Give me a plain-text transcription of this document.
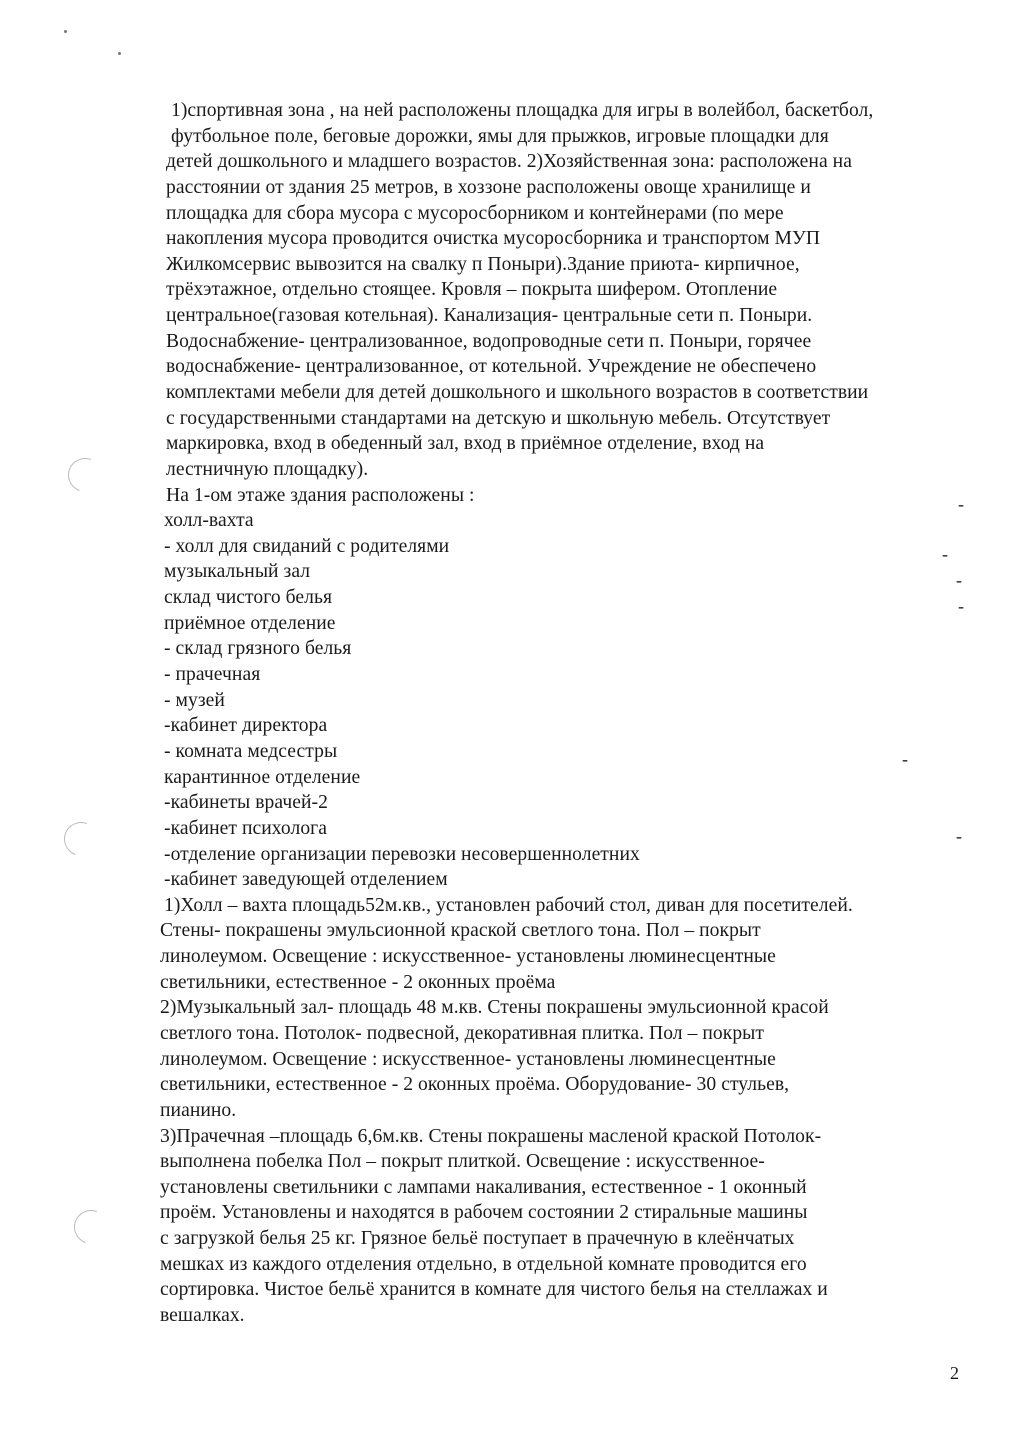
1)спортивная зона , на ней расположены площадка для игры в волейбол, баскетбол,
футбольное поле, беговые дорожки, ямы для прыжков, игровые площадки для
детей дошкольного и младшего возрастов. 2)Хозяйственная зона: расположена на
расстоянии от здания 25 метров, в хоззоне расположены овоще хранилище и
площадка для сбора мусора с мусоросборником и контейнерами (по мере
накопления мусора проводится очистка мусоросборника и транспортом МУП
Жилкомсервис вывозится на свалку п Поныри).Здание приюта- кирпичное,
трёхэтажное, отдельно стоящее. Кровля – покрыта шифером. Отопление
центральное(газовая котельная). Канализация- центральные сети п. Поныри.
Водоснабжение- централизованное, водопроводные сети п. Поныри, горячее
водоснабжение- централизованное, от котельной. Учреждение не обеспечено
комплектами мебели для детей дошкольного и школьного возрастов в соответствии
с государственными стандартами на детскую и школьную мебель. Отсутствует
маркировка, вход в обеденный зал, вход в приёмное отделение, вход на
лестничную площадку).
На 1-ом этаже здания расположены :
холл-вахта
- холл для свиданий с родителями
музыкальный зал
склад чистого белья
приёмное отделение
- склад грязного белья
- прачечная
- музей
-кабинет директора
- комната медсестры
карантинное отделение
-кабинеты врачей-2
-кабинет психолога
-отделение организации перевозки несовершеннолетних
-кабинет заведующей отделением
1)Холл – вахта площадь52м.кв., установлен рабочий стол, диван для посетителей.
Стены- покрашены эмульсионной краской светлого тона. Пол – покрыт
линолеумом. Освещение : искусственное- установлены люминесцентные
светильники, естественное - 2 оконных проёма
2)Музыкальный зал- площадь 48 м.кв. Стены покрашены эмульсионной красой
светлого тона. Потолок- подвесной, декоративная плитка. Пол – покрыт
линолеумом. Освещение : искусственное- установлены люминесцентные
светильники, естественное - 2 оконных проёма. Оборудование- 30 стульев,
пианино.
3)Прачечная –площадь 6,6м.кв. Стены покрашены масленой краской Потолок-
выполнена побелка Пол – покрыт плиткой. Освещение : искусственное-
установлены светильники с лампами накаливания, естественное - 1 оконный
проём. Установлены и находятся в рабочем состоянии 2 стиральные машины
с загрузкой белья 25 кг. Грязное бельё поступает в прачечную в клеёнчатых
мешках из каждого отделения отдельно, в отдельной комнате проводится его
сортировка. Чистое бельё хранится в комнате для чистого белья на стеллажах и
вешалках.
-
-
-
-
-
-
2
